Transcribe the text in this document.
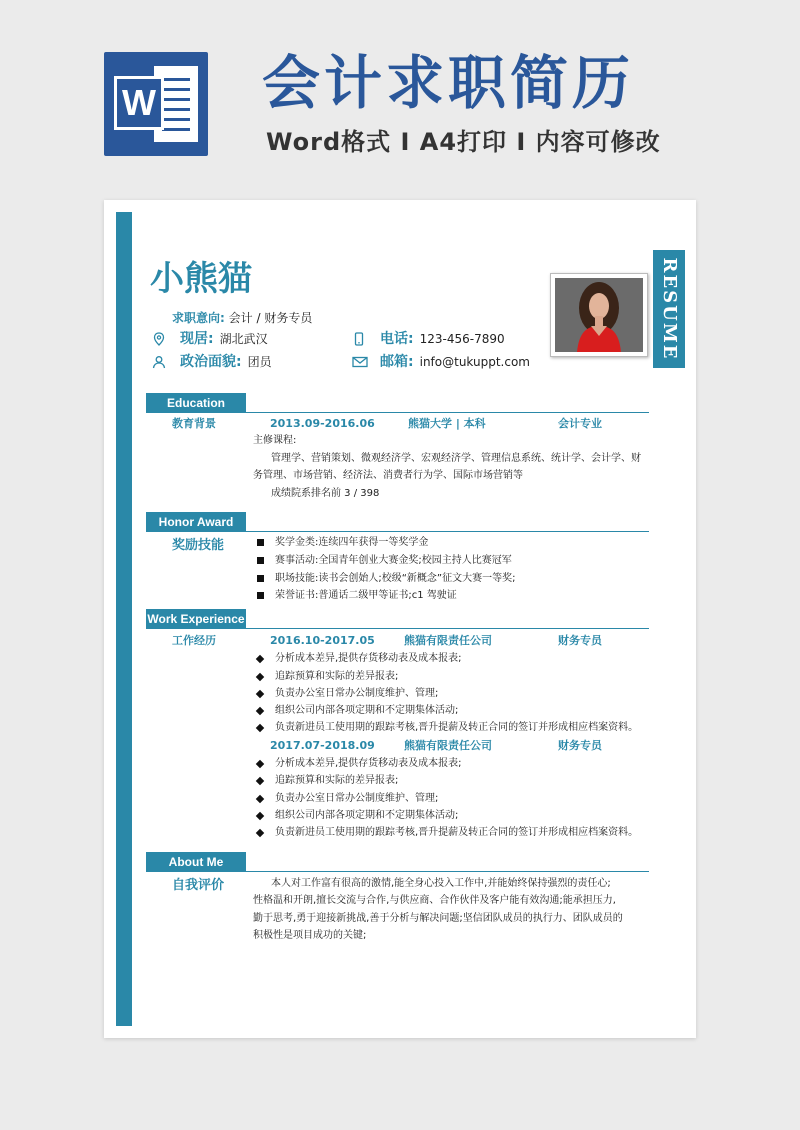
W 会计求职简历
Word格式 I A4打印 I 内容可修改
小熊猫
求职意向: 会计 / 财务专员
现居: 湖北武汉
政治面貌: 团员
电话: 123-456-7890
邮箱: info@tukuppt.com
RESUME
Education
教育背景	2013.09-2016.06	熊猫大学 | 本科	会计专业
主修课程:
管理学、营销策划、微观经济学、宏观经济学、管理信息系统、统计学、会计学、财
务管理、市场营销、经济法、消费者行为学、国际市场营销等
成绩院系排名前 3 / 398
Honor Award
奖励技能	奖学金类:连续四年获得一等奖学金
赛事活动:全国青年创业大赛金奖;校园主持人比赛冠军
职场技能:读书会创始人;校级“新概念”征文大赛一等奖;
荣誉证书:普通话二级甲等证书;c1 驾驶证
Work Experience
工作经历	2016.10-2017.05	熊猫有限责任公司	财务专员
分析成本差异,提供存货移动表及成本报表;
追踪预算和实际的差异报表;
负责办公室日常办公制度维护、管理;
组织公司内部各项定期和不定期集体活动;
负责新进员工使用期的跟踪考核,晋升提薪及转正合同的签订并形成相应档案资料。
2017.07-2018.09	熊猫有限责任公司	财务专员
分析成本差异,提供存货移动表及成本报表;
追踪预算和实际的差异报表;
负责办公室日常办公制度维护、管理;
组织公司内部各项定期和不定期集体活动;
负责新进员工使用期的跟踪考核,晋升提薪及转正合同的签订并形成相应档案资料。
About Me
自我评价	本人对工作富有很高的激情,能全身心投入工作中,并能始终保持强烈的责任心;
性格温和开朗,擅长交流与合作,与供应商、合作伙伴及客户能有效沟通;能承担压力,
勤于思考,勇于迎接新挑战,善于分析与解决问题;坚信团队成员的执行力、团队成员的
积极性是项目成功的关键;
